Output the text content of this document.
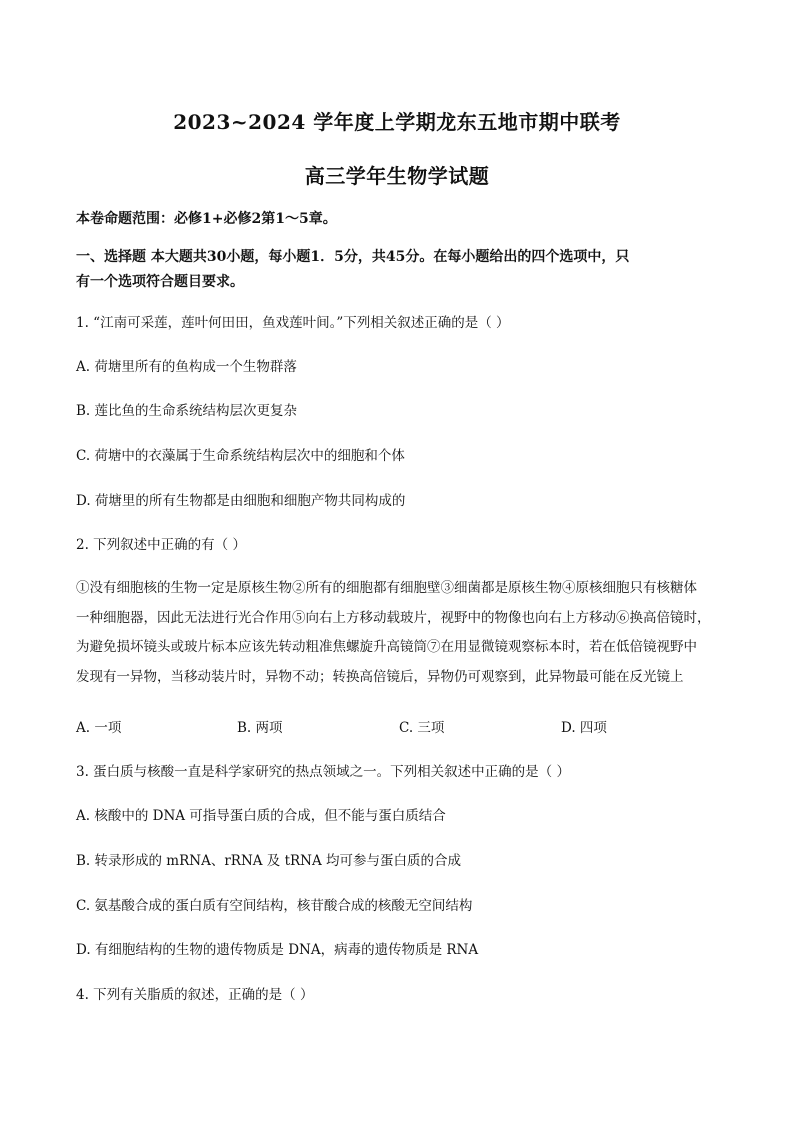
2023~2024 学年度上学期龙东五地市期中联考
高三学年生物学试题
本卷命题范围：必修1+必修2第1～5章。
一、选择题 本大题共30小题，每小题1．5分，共45分。在每小题给出的四个选项中，只
有一个选项符合题目要求。
1. “江南可采莲，莲叶何田田，鱼戏莲叶间。”下列相关叙述正确的是（ ）
A. 荷塘里所有的鱼构成一个生物群落
B. 莲比鱼的生命系统结构层次更复杂
C. 荷塘中的衣藻属于生命系统结构层次中的细胞和个体
D. 荷塘里的所有生物都是由细胞和细胞产物共同构成的
2. 下列叙述中正确的有（ ）
①没有细胞核的生物一定是原核生物②所有的细胞都有细胞壁③细菌都是原核生物④原核细胞只有核糖体
一种细胞器，因此无法进行光合作用⑤向右上方移动载玻片，视野中的物像也向右上方移动⑥换高倍镜时，
为避免损坏镜头或玻片标本应该先转动粗准焦螺旋升高镜筒⑦在用显微镜观察标本时，若在低倍镜视野中
发现有一异物，当移动装片时，异物不动；转换高倍镜后，异物仍可观察到，此异物最可能在反光镜上
A. 一项	B. 两项	C. 三项	D. 四项
3. 蛋白质与核酸一直是科学家研究的热点领域之一。下列相关叙述中正确的是（ ）
A. 核酸中的 DNA 可指导蛋白质的合成，但不能与蛋白质结合
B. 转录形成的 mRNA、rRNA 及 tRNA 均可参与蛋白质的合成
C. 氨基酸合成的蛋白质有空间结构，核苷酸合成的核酸无空间结构
D. 有细胞结构的生物的遗传物质是 DNA，病毒的遗传物质是 RNA
4. 下列有关脂质的叙述，正确的是（ ）
